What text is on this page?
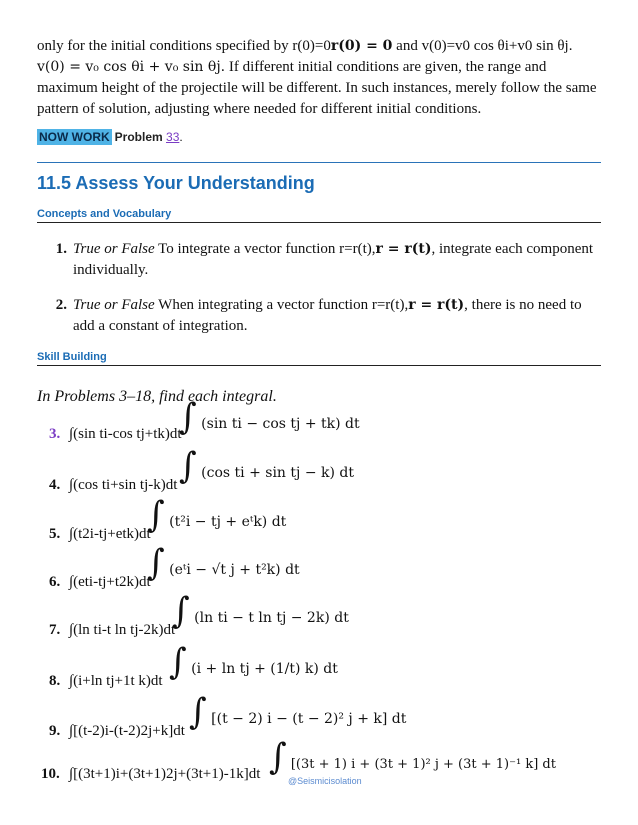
only for the initial conditions specified by r(0)=0r(0) = 0 and v(0)=v0 cos θi+v0 sin θj.
v(0) = v₀ cos θi + v₀ sin θj. If different initial conditions are given, the range and maximum height of the projectile will be different. In such instances, merely follow the same pattern of solution, adjusting where needed for different initial conditions.

NOW WORK Problem 33.
11.5 Assess Your Understanding
Concepts and Vocabulary
1. True or False To integrate a vector function r=r(t),r = r(t), integrate each component individually.
2. True or False When integrating a vector function r=r(t),r = r(t), there is no need to add a constant of integration.
Skill Building
In Problems 3–18, find each integral.
3. ∫(sin ti-cos tj+tk)dt
∫ (sin ti − cos tj + tk) dt
4. ∫(cos ti+sin tj-k)dt ∫ (cos ti + sin tj − k) dt
5. ∫(t2i-tj+etk)dt
∫ (t²i − tj + eᵗk) dt
6. ∫(eti-tj+t2k)dt
∫ (eᵗi − √t j + t²k) dt
7. ∫(ln ti-t ln tj-2k)dt
∫ (ln ti − t ln tj − 2k) dt
8. ∫(i+ln tj+1t k)dt ∫ (i + ln tj + (1/t) k) dt
9. ∫[(t-2)i-(t-2)2j+k]dt ∫ [(t − 2) i − (t − 2)² j + k] dt
10. ∫[(3t+1)i+(3t+1)2j+(3t+1)-1k]dt ∫ [(3t + 1) i + (3t + 1)² j + (3t + 1)⁻¹ k] dt
@Seismicisolation
